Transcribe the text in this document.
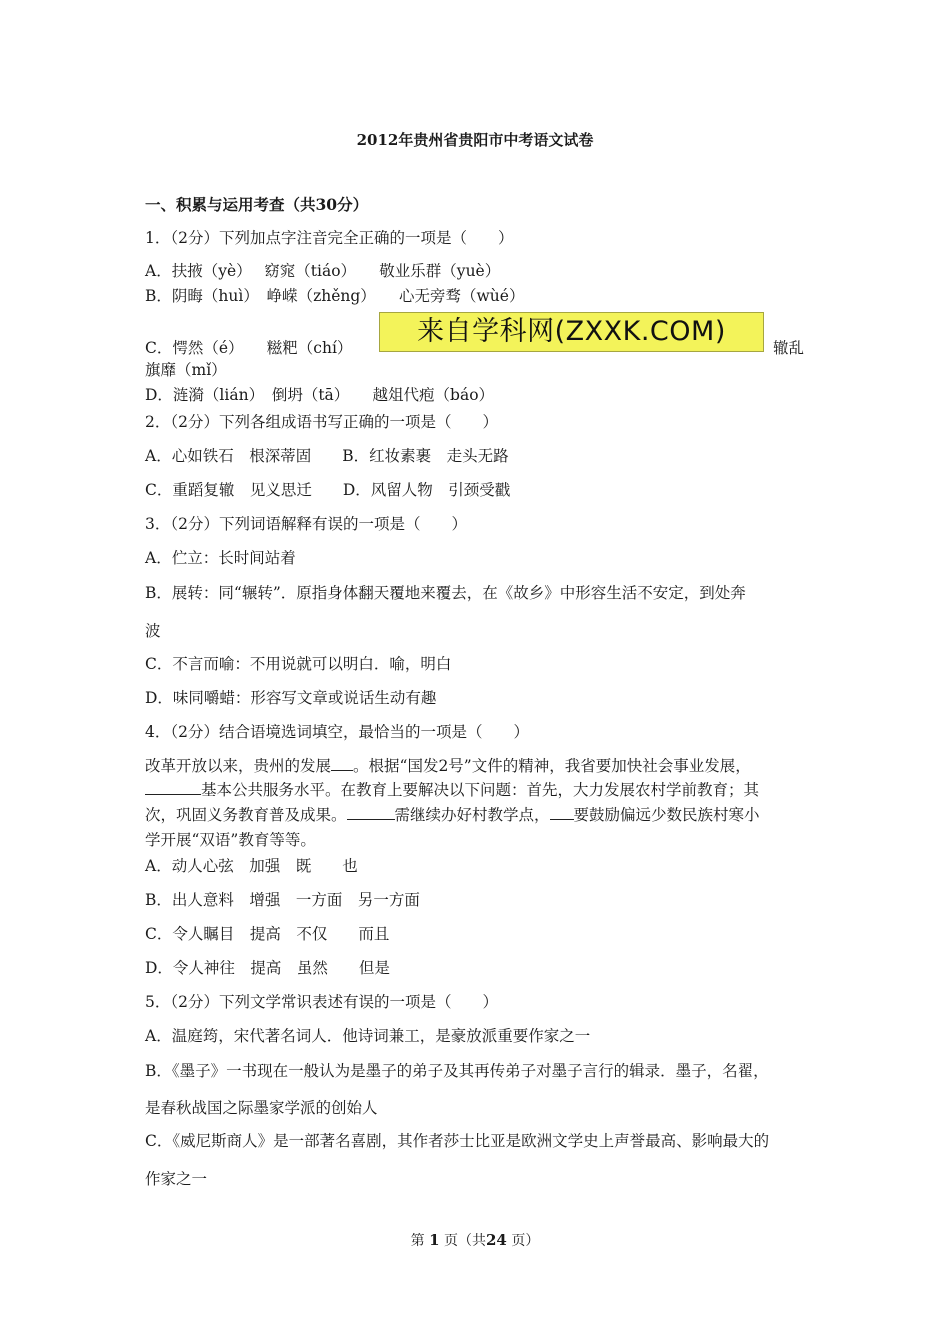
2012年贵州省贵阳市中考语文试卷
一、积累与运用考查（共30分）
1．（2分）下列加点字注音完全正确的一项是（　　）
A．扶掖（yè）　 窈窕（tiáo）　　敬业乐群（yuè）
B．阴晦（huì）　峥嵘（zhěng）　　心无旁骛（wùé）
C．愕然（é）　　糍粑（chí）	辙乱
来自学科网(ZXXK.COM)
旗靡（mǐ）
D．涟漪（lián）　倒坍（tā）　　越俎代疱（báo）
2．（2分）下列各组成语书写正确的一项是（　　）
A．心如铁石　根深蒂固　　B．红妆素裹　走头无路
C．重蹈复辙　见义思迁　　D．风留人物　引颈受戳
3．（2分）下列词语解释有误的一项是（　　）
A．伫立：长时间站着
B．展转：同“辗转”．原指身体翻天覆地来覆去，在《故乡》中形容生活不安定，到处奔
波
C．不言而喻：不用说就可以明白．喻，明白
D．味同嚼蜡：形容写文章或说话生动有趣
4．（2分）结合语境选词填空，最恰当的一项是（　　）
改革开放以来，贵州的发展 。根据“国发2号”文件的精神，我省要加快社会事业发展，
基本公共服务水平。在教育上要解决以下问题：首先，大力发展农村学前教育；其
次，巩固义务教育普及成果。	需继续办好村教学点， 要鼓励偏远少数民族村寒小
学开展“双语”教育等等。
A．动人心弦　加强　既　　也
B．出人意料　增强　一方面　另一方面
C．令人瞩目　提高　不仅　　而且
D．令人神往　提高　虽然　　但是
5．（2分）下列文学常识表述有误的一项是（　　）
A．温庭筠，宋代著名词人．他诗词兼工，是豪放派重要作家之一
B．《墨子》一书现在一般认为是墨子的弟子及其再传弟子对墨子言行的辑录．墨子，名翟，
是春秋战国之际墨家学派的创始人
C．《威尼斯商人》是一部著名喜剧，其作者莎士比亚是欧洲文学史上声誉最高、影响最大的
作家之一
第 1 页（共24 页）
